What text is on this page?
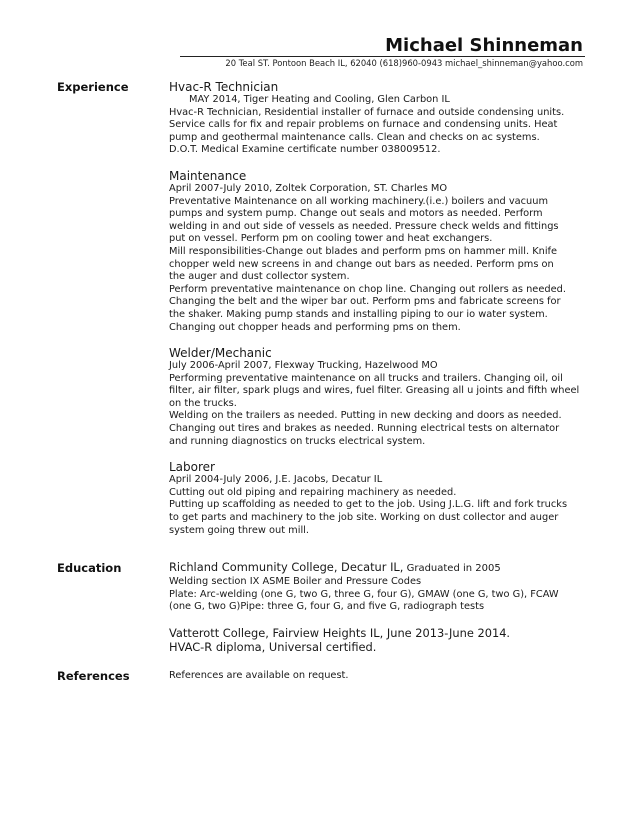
Michael Shinneman
20 Teal ST. Pontoon Beach IL, 62040 (618)960-0943 michael_shinneman@yahoo.com
Experience	Hvac-R Technician

MAY 2014, Tiger Heating and Cooling, Glen Carbon IL

Hvac-R Technician, Residential installer of furnace and outside condensing units.

Service calls for fix and repair problems on furnace and condensing units. Heat

pump and geothermal maintenance calls. Clean and checks on ac systems.

D.O.T. Medical Examine certificate number 038009512.

Maintenance

April 2007-July 2010, Zoltek Corporation, ST. Charles MO

Preventative Maintenance on all working machinery.(i.e.) boilers and vacuum

pumps and system pump. Change out seals and motors as needed. Perform

welding in and out side of vessels as needed. Pressure check welds and fittings

put on vessel. Perform pm on cooling tower and heat exchangers.

Mill responsibilities-Change out blades and perform pms on hammer mill. Knife

chopper weld new screens in and change out bars as needed. Perform pms on

the auger and dust collector system.

Perform preventative maintenance on chop line. Changing out rollers as needed.

Changing the belt and the wiper bar out. Perform pms and fabricate screens for

the shaker. Making pump stands and installing piping to our io water system.

Changing out chopper heads and performing pms on them.

Welder/Mechanic

July 2006-April 2007, Flexway Trucking, Hazelwood MO

Performing preventative maintenance on all trucks and trailers. Changing oil, oil

filter, air filter, spark plugs and wires, fuel filter. Greasing all u joints and fifth wheel

on the trucks.

Welding on the trailers as needed. Putting in new decking and doors as needed.

Changing out tires and brakes as needed. Running electrical tests on alternator

and running diagnostics on trucks electrical system.

Laborer

April 2004-July 2006, J.E. Jacobs, Decatur IL

Cutting out old piping and repairing machinery as needed.

Putting up scaffolding as needed to get to the job. Using J.L.G. lift and fork trucks

to get parts and machinery to the job site. Working on dust collector and auger

system going threw out mill.

Education	Richland Community College, Decatur IL, Graduated in 2005

Welding section IX ASME Boiler and Pressure Codes

Plate: Arc-welding (one G, two G, three G, four G), GMAW (one G, two G), FCAW

(one G, two G)Pipe: three G, four G, and five G, radiograph tests

Vatterott College, Fairview Heights IL, June 2013-June 2014.

HVAC-R diploma, Universal certified.

References	References are available on request.
